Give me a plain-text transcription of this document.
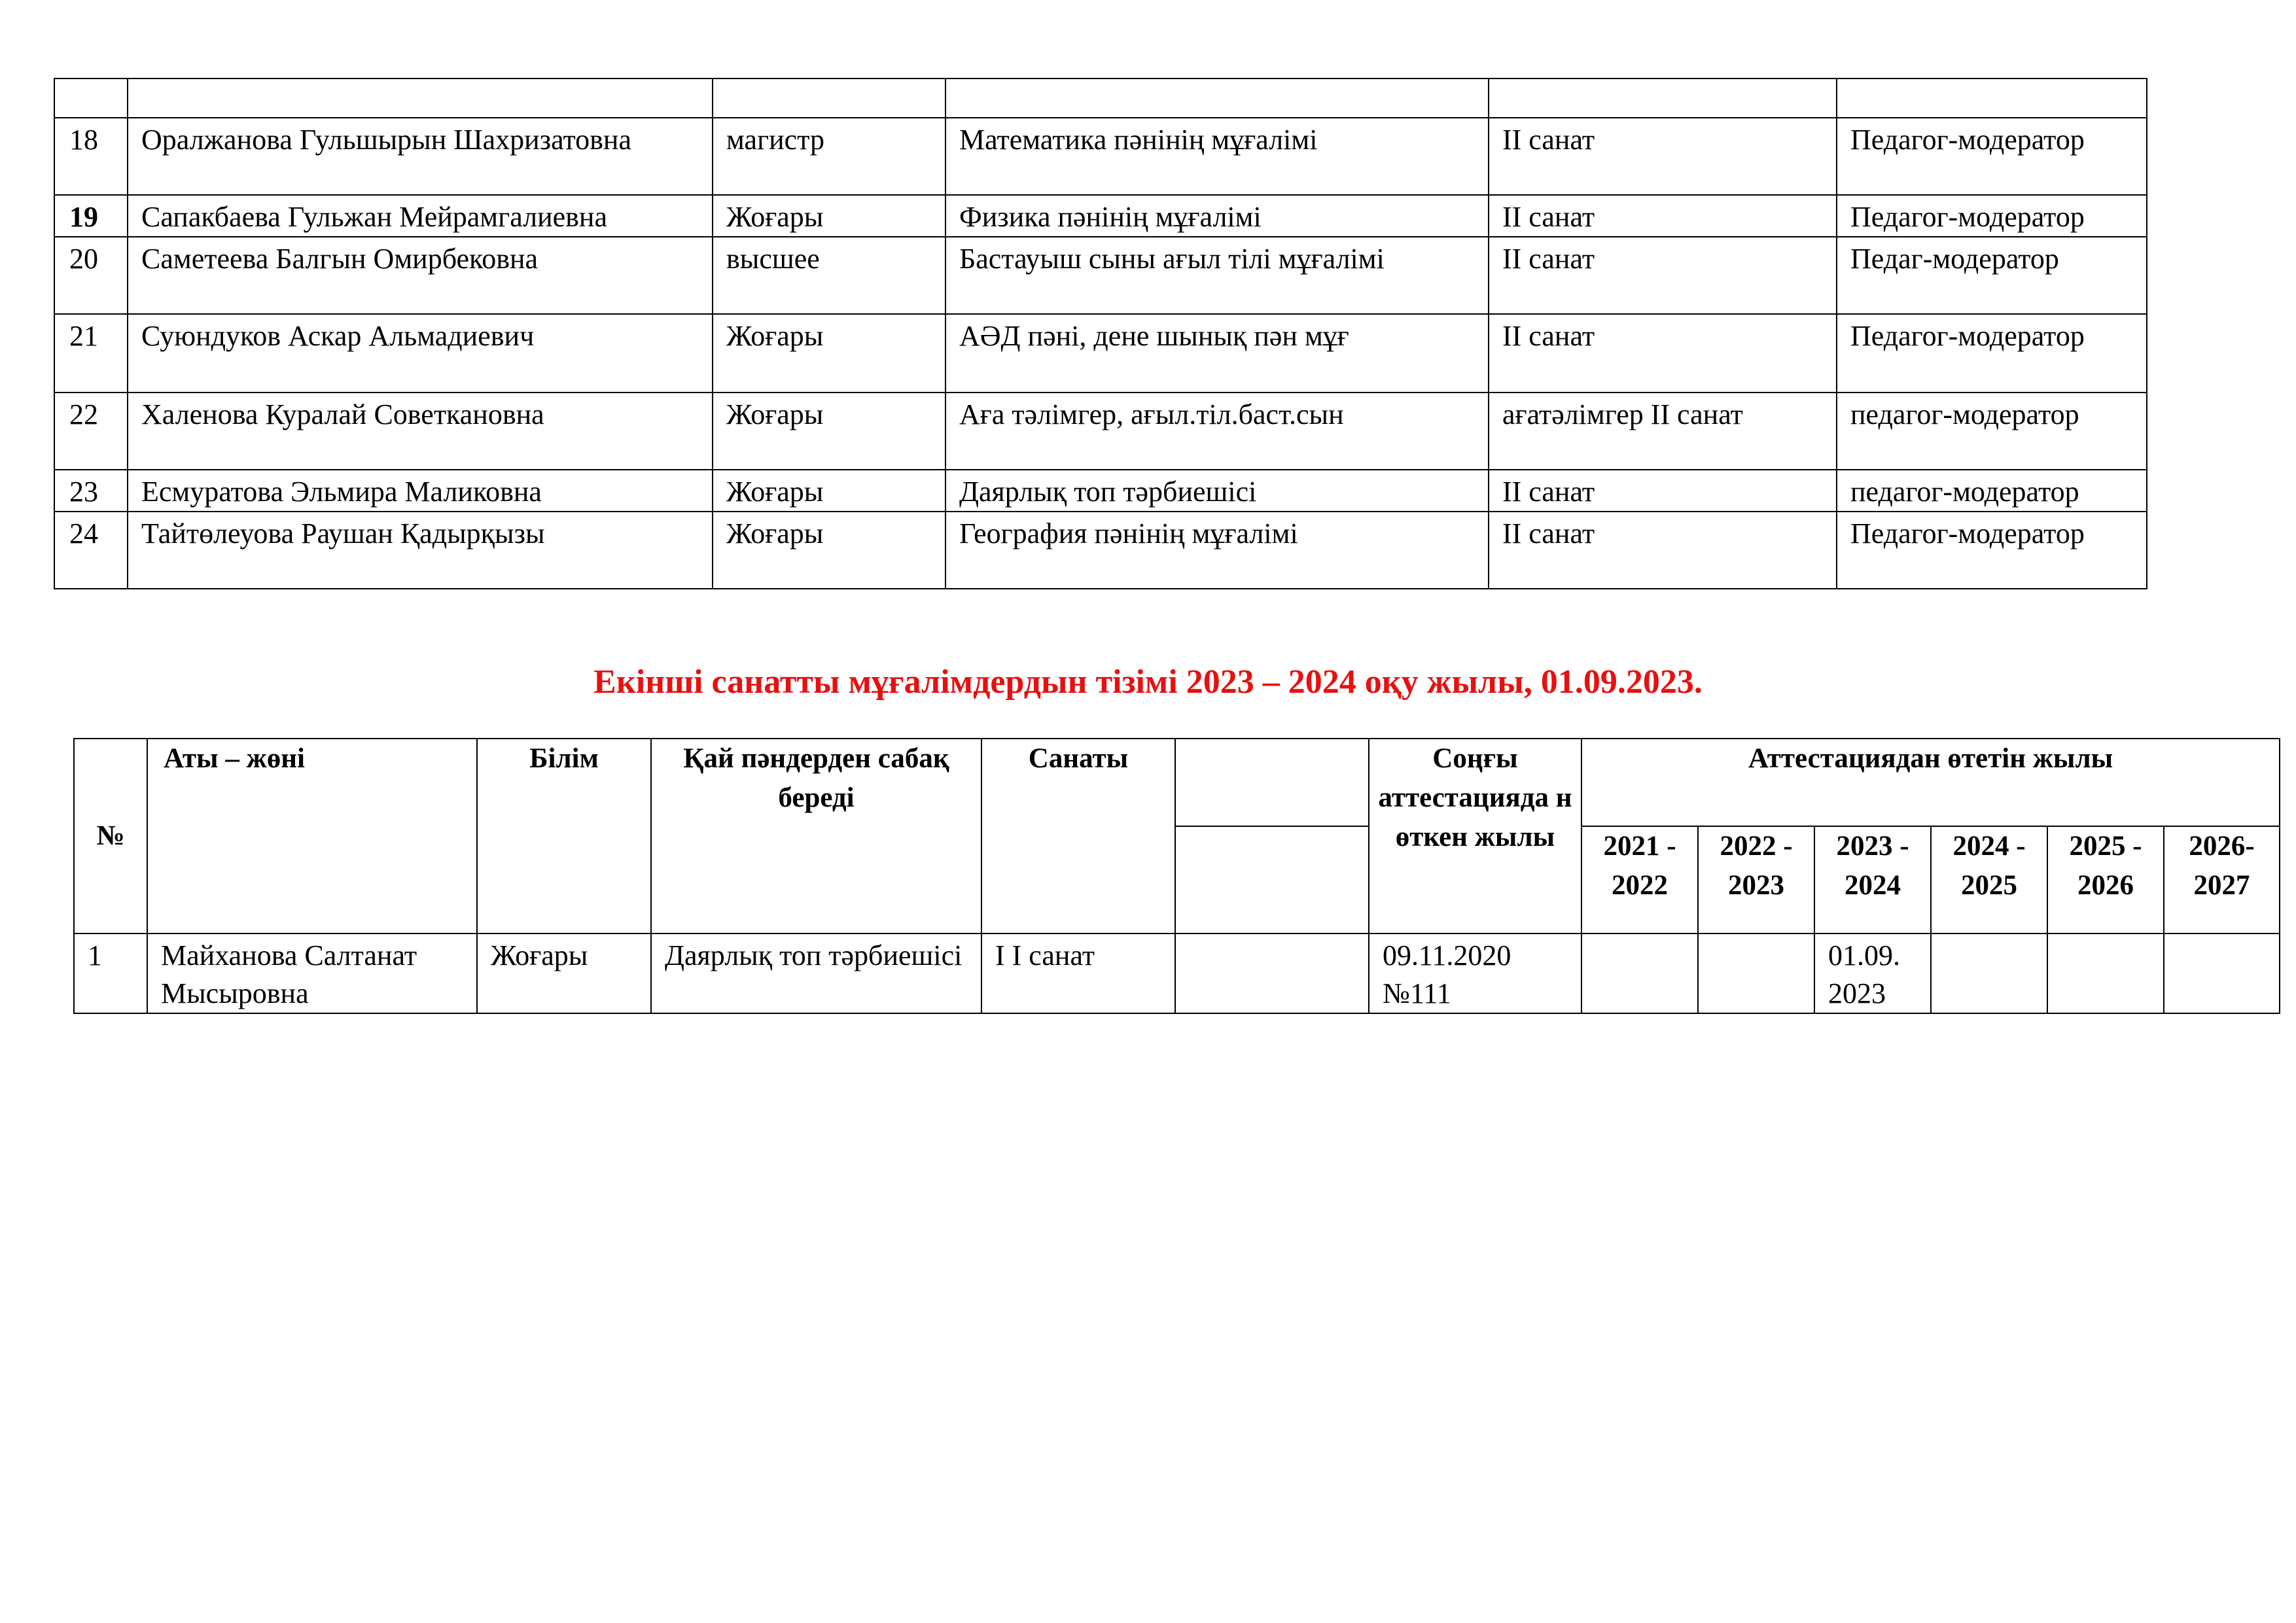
18	Оралжанова Гульшырын Шахризатовна	магистр	Математика пәнінің мұғалімі	II санат	Педагог-модератор
19	Сапакбаева Гульжан Мейрамгалиевна	Жоғары	Физика пәнінің мұғалімі	II санат	Педагог-модератор
20	Саметеева Балгын Омирбековна	высшее	Бастауыш сыны ағыл тілі мұғалімі	II санат	Педаг-модератор
21	Суюндуков Аскар Альмадиевич	Жоғары	АӘД пәні, дене шынық пән мұғ	II санат	Педагог-модератор
22	Халенова Куралай Советкановна	Жоғары	Аға тәлімгер, ағыл.тіл.баст.сын	ағатәлімгер II санат	педагог-модератор
23	Есмуратова Эльмира Маликовна	Жоғары	Даярлық топ тәрбиешісі	II санат	педагог-модератор
24	Тайтөлеуова Раушан Қадырқызы	Жоғары	География пәнінің мұғалімі	II санат	Педагог-модератор
Екінші санатты мұғалімдердын тізімі 2023 – 2024 оқу жылы, 01.09.2023.
№	Аты – жөні	Білім	Қай пәндерден сабақ береді	Санаты		Соңғы аттестацияда н өткен жылы	Аттестациядан өтетін жылы					
							2021 - 2022	2022 - 2023	2023 - 2024	2024 - 2025	2025 - 2026	2026- 2027
1	Майханова Салтанат Мысыровна	Жоғары	Даярлық топ тәрбиешісі	I I санат		09.11.2020 №111			01.09. 2023			
